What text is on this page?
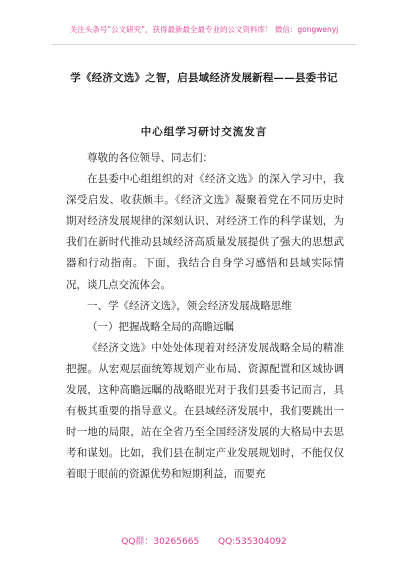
关注头条号“公文研究”，获得最新最全最专业的公文资料库！ 微信：gongwenyj
学《经济文选》之智，启县域经济发展新程——县委书记
中心组学习研讨交流发言

尊敬的各位领导、同志们：

在县委中心组组织的对《经济文选》的深入学习中，我深受启发、收获颇丰。《经济文选》凝聚着党在不同历史时期对经济发展规律的深刻认识、对经济工作的科学谋划，为我们在新时代推动县域经济高质量发展提供了强大的思想武器和行动指南。下面，我结合自身学习感悟和县域实际情况，谈几点交流体会。

一、学《经济文选》，领会经济发展战略思维

（一）把握战略全局的高瞻远瞩

《经济文选》中处处体现着对经济发展战略全局的精准把握。从宏观层面统筹规划产业布局、资源配置和区域协调发展，这种高瞻远瞩的战略眼光对于我们县委书记而言，具有极其重要的指导意义。在县域经济发展中，我们要跳出一时一地的局限，站在全省乃至全国经济发展的大格局中去思考和谋划。比如，我们县在制定产业发展规划时，不能仅仅着眼于眼前的资源优势和短期利益，而要充

QQ群：30265665 QQ:535304092
